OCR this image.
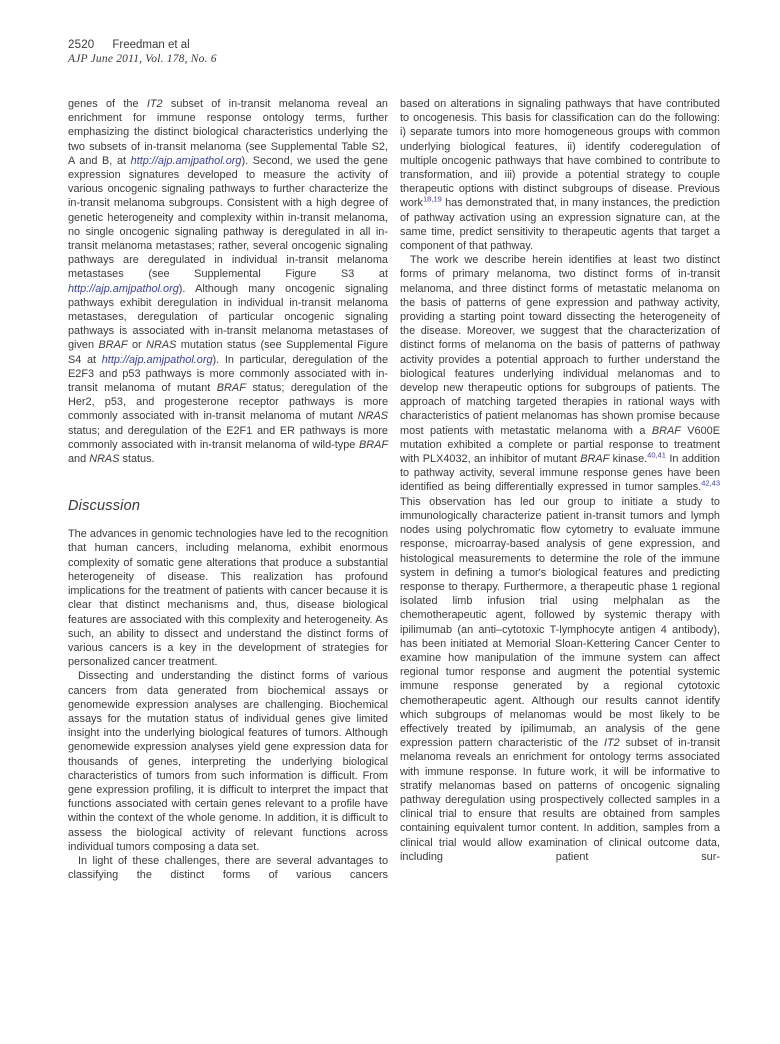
2520 Freedman et al
AJP June 2011, Vol. 178, No. 6

genes of the IT2 subset of in-transit melanoma reveal an enrichment for immune response ontology terms, further emphasizing the distinct biological characteristics underlying the two subsets of in-transit melanoma (see Supplemental Table S2, A and B, at http://ajp.amjpathol.org). Second, we used the gene expression signatures developed to measure the activity of various oncogenic signaling pathways to further characterize the in-transit melanoma subgroups. Consistent with a high degree of genetic heterogeneity and complexity within in-transit melanoma, no single oncogenic signaling pathway is deregulated in all in-transit melanoma metastases; rather, several oncogenic signaling pathways are deregulated in individual in-transit melanoma metastases (see Supplemental Figure S3 at http://ajp.amjpathol.org). Although many oncogenic signaling pathways exhibit deregulation in individual in-transit melanoma metastases, deregulation of particular oncogenic signaling pathways is associated with in-transit melanoma metastases of given BRAF or NRAS mutation status (see Supplemental Figure S4 at http://ajp.amjpathol.org). In particular, deregulation of the E2F3 and p53 pathways is more commonly associated with in-transit melanoma of mutant BRAF status; deregulation of the Her2, p53, and progesterone receptor pathways is more commonly associated with in-transit melanoma of mutant NRAS status; and deregulation of the E2F1 and ER pathways is more commonly associated with in-transit melanoma of wild-type BRAF and NRAS status.

Discussion

The advances in genomic technologies have led to the recognition that human cancers, including melanoma, exhibit enormous complexity of somatic gene alterations that produce a substantial heterogeneity of disease. This realization has profound implications for the treatment of patients with cancer because it is clear that distinct mechanisms and, thus, disease biological features are associated with this complexity and heterogeneity. As such, an ability to dissect and understand the distinct forms of various cancers is a key in the development of strategies for personalized cancer treatment.

Dissecting and understanding the distinct forms of various cancers from data generated from biochemical assays or genomewide expression analyses are challenging. Biochemical assays for the mutation status of individual genes give limited insight into the underlying biological features of tumors. Although genomewide expression analyses yield gene expression data for thousands of genes, interpreting the underlying biological characteristics of tumors from such information is difficult. From gene expression profiling, it is difficult to interpret the impact that functions associated with certain genes relevant to a profile have within the context of the whole genome. In addition, it is difficult to assess the biological activity of relevant functions across individual tumors composing a data set.

In light of these challenges, there are several advantages to classifying the distinct forms of various cancers

based on alterations in signaling pathways that have contributed to oncogenesis. This basis for classification can do the following: i) separate tumors into more homogeneous groups with common underlying biological features, ii) identify coderegulation of multiple oncogenic pathways that have combined to contribute to transformation, and iii) provide a potential strategy to couple therapeutic options with distinct subgroups of disease. Previous work$^{18,19}$ has demonstrated that, in many instances, the prediction of pathway activation using an expression signature can, at the same time, predict sensitivity to therapeutic agents that target a component of that pathway.

The work we describe herein identifies at least two distinct forms of primary melanoma, two distinct forms of in-transit melanoma, and three distinct forms of metastatic melanoma on the basis of patterns of gene expression and pathway activity, providing a starting point toward dissecting the heterogeneity of the disease. Moreover, we suggest that the characterization of distinct forms of melanoma on the basis of patterns of pathway activity provides a potential approach to further understand the biological features underlying individual melanomas and to develop new therapeutic options for subgroups of patients. The approach of matching targeted therapies in rational ways with characteristics of patient melanomas has shown promise because most patients with metastatic melanoma with a BRAF V600E mutation exhibited a complete or partial response to treatment with PLX4032, an inhibitor of mutant BRAF kinase.$^{40,41}$ In addition to pathway activity, several immune response genes have been identified as being differentially expressed in tumor samples.$^{42,43}$ This observation has led our group to initiate a study to immunologically characterize patient in-transit tumors and lymph nodes using polychromatic flow cytometry to evaluate immune response, microarray-based analysis of gene expression, and histological measurements to determine the role of the immune system in defining a tumor's biological features and predicting response to therapy. Furthermore, a therapeutic phase 1 regional isolated limb infusion trial using melphalan as the chemotherapeutic agent, followed by systemic therapy with ipilimumab (an anti–cytotoxic T-lymphocyte antigen 4 antibody), has been initiated at Memorial Sloan-Kettering Cancer Center to examine how manipulation of the immune system can affect regional tumor response and augment the potential systemic immune response generated by a regional cytotoxic chemotherapeutic agent. Although our results cannot identify which subgroups of melanomas would be most likely to be effectively treated by ipilimumab, an analysis of the gene expression pattern characteristic of the IT2 subset of in-transit melanoma reveals an enrichment for ontology terms associated with immune response. In future work, it will be informative to stratify melanomas based on patterns of oncogenic signaling pathway deregulation using prospectively collected samples in a clinical trial to ensure that results are obtained from samples containing equivalent tumor content. In addition, samples from a clinical trial would allow examination of clinical outcome data, including patient sur-
